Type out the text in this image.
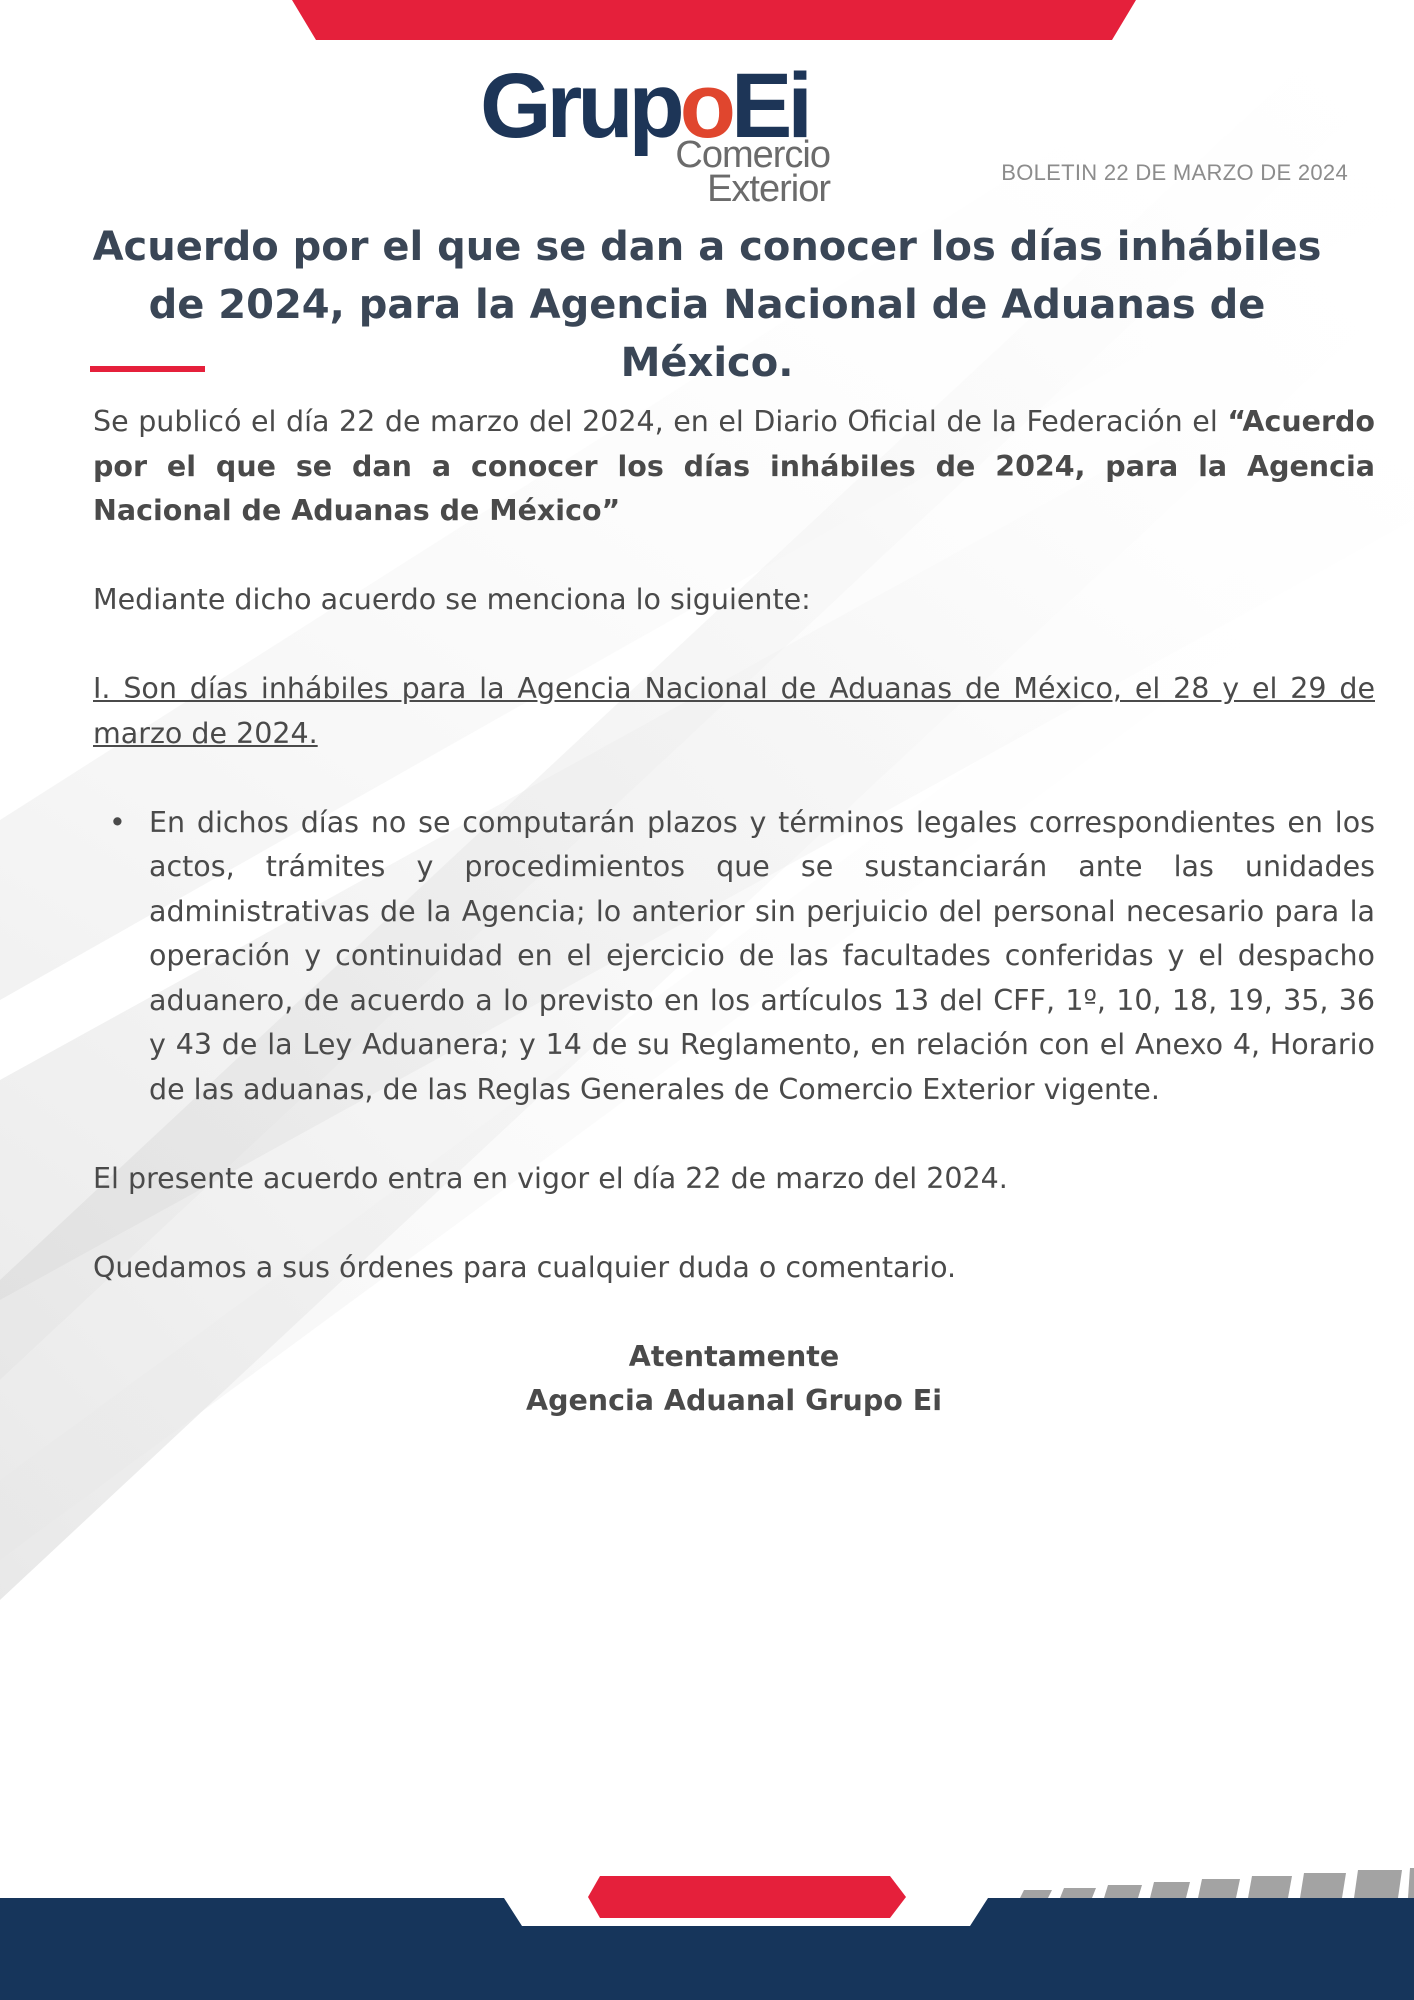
GrupoEi
Comercio
Exterior	BOLETIN 22 DE MARZO DE 2024
Acuerdo por el que se dan a conocer los días inhábiles de 2024, para la Agencia Nacional de Aduanas de México.

Se publicó el día 22 de marzo del 2024, en el Diario Oficial de la Federación el “Acuerdo por el que se dan a conocer los días inhábiles de 2024, para la Agencia Nacional de Aduanas de México”

Mediante dicho acuerdo se menciona lo siguiente:

I. Son días inhábiles para la Agencia Nacional de Aduanas de México, el 28 y el 29 de marzo de 2024.

• En dichos días no se computarán plazos y términos legales correspondientes en los actos, trámites y procedimientos que se sustanciarán ante las unidades administrativas de la Agencia; lo anterior sin perjuicio del personal necesario para la operación y continuidad en el ejercicio de las facultades conferidas y el despacho aduanero, de acuerdo a lo previsto en los artículos 13 del CFF, 1º, 10, 18, 19, 35, 36 y 43 de la Ley Aduanera; y 14 de su Reglamento, en relación con el Anexo 4, Horario de las aduanas, de las Reglas Generales de Comercio Exterior vigente.

El presente acuerdo entra en vigor el día 22 de marzo del 2024.

Quedamos a sus órdenes para cualquier duda o comentario.

Atentamente
Agencia Aduanal Grupo Ei
